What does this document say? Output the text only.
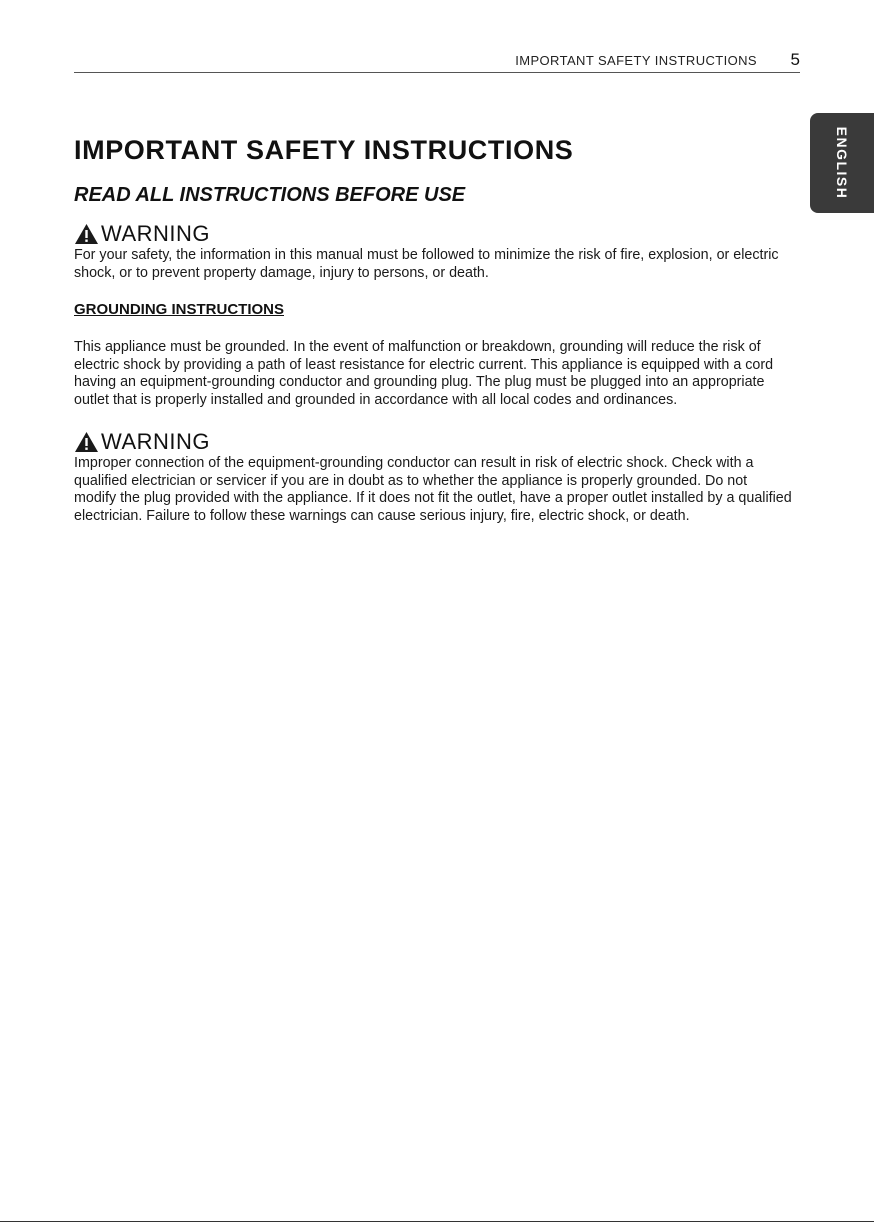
IMPORTANT SAFETY INSTRUCTIONS 5
ENGLISH
IMPORTANT SAFETY INSTRUCTIONS
READ ALL INSTRUCTIONS BEFORE USE
WARNING

For your safety, the information in this manual must be followed to minimize the risk of fire, explosion, or electric shock, or to prevent property damage, injury to persons, or death.

GROUNDING INSTRUCTIONS

This appliance must be grounded. In the event of malfunction or breakdown, grounding will reduce the risk of electric shock by providing a path of least resistance for electric current. This appliance is equipped with a cord having an equipment-grounding conductor and grounding plug. The plug must be plugged into an appropriate outlet that is properly installed and grounded in accordance with all local codes and ordinances.

WARNING

Improper connection of the equipment-grounding conductor can result in risk of electric shock. Check with a qualified electrician or servicer if you are in doubt as to whether the appliance is properly grounded. Do not modify the plug provided with the appliance. If it does not fit the outlet, have a proper outlet installed by a qualified electrician. Failure to follow these warnings can cause serious injury, fire, electric shock, or death.
